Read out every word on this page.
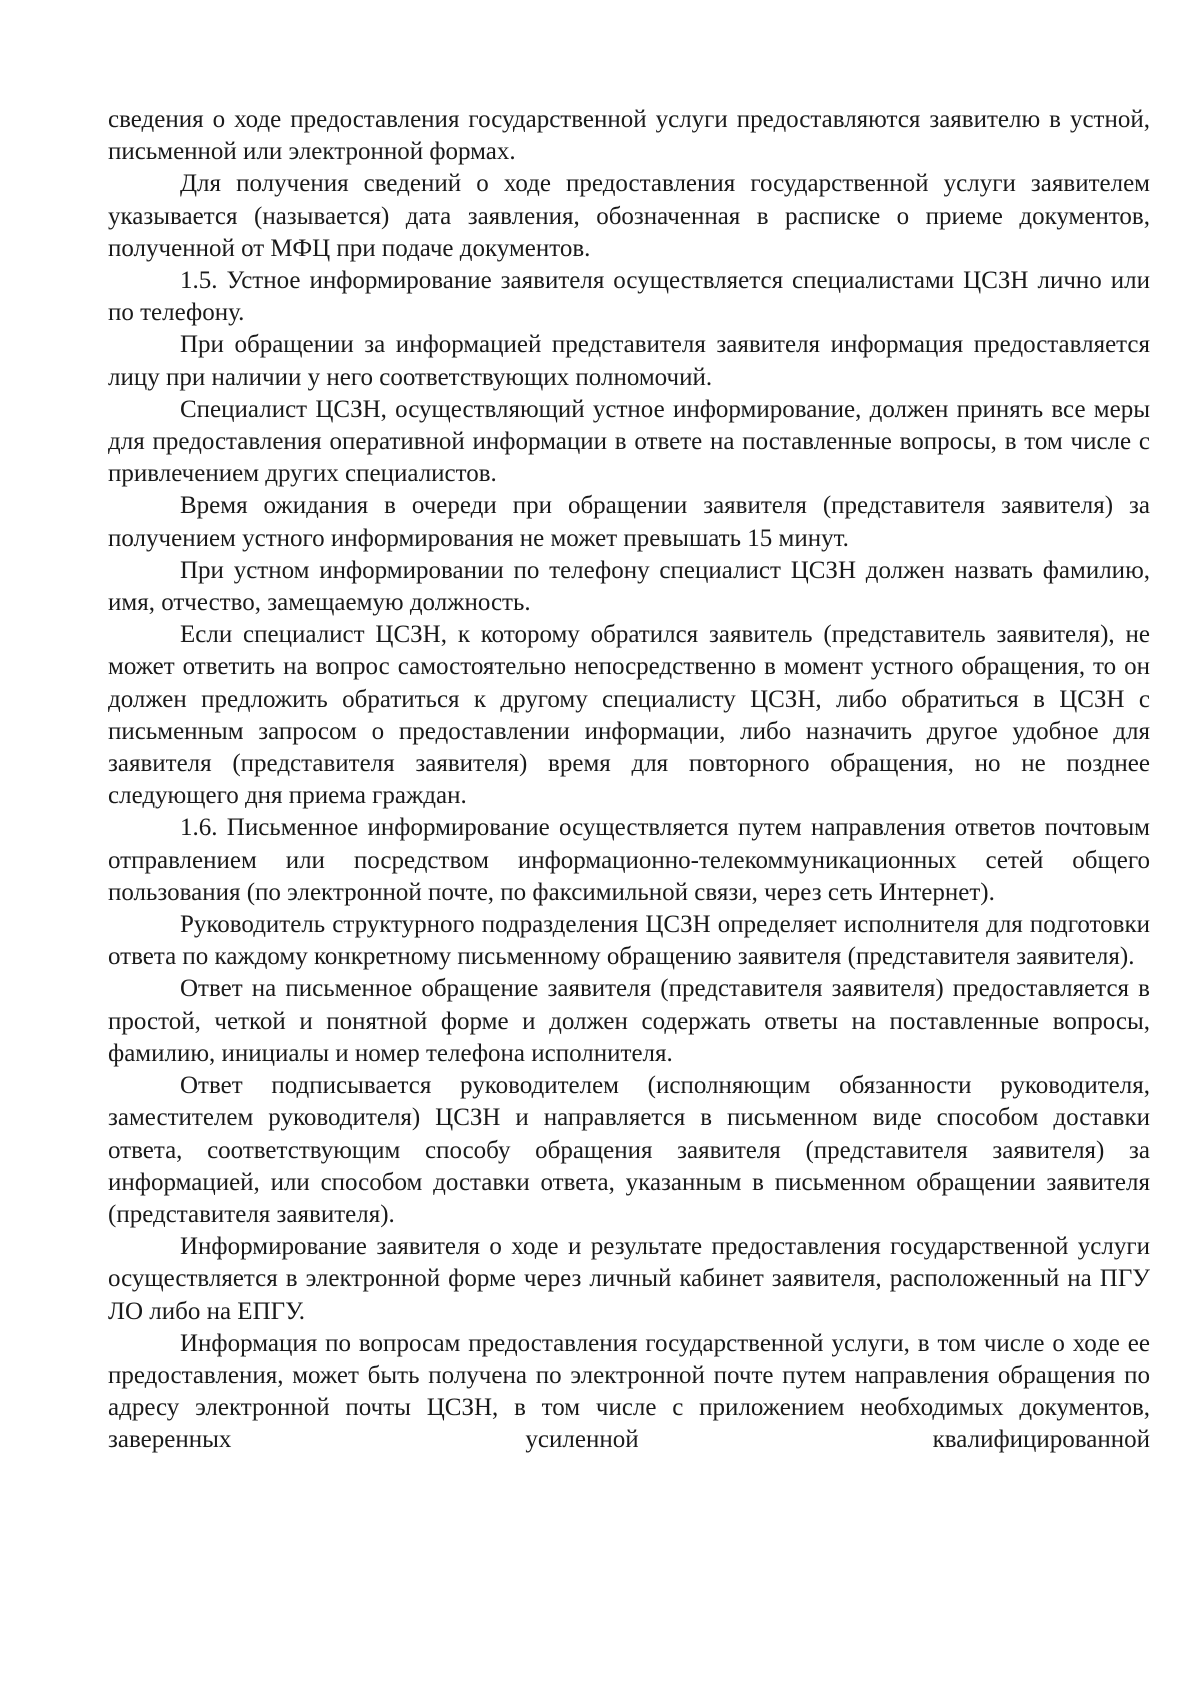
сведения о ходе предоставления государственной услуги предоставляются заявителю в устной, письменной или электронной формах.

Для получения сведений о ходе предоставления государственной услуги заявителем указывается (называется) дата заявления, обозначенная в расписке о приеме документов, полученной от МФЦ при подаче документов.

1.5. Устное информирование заявителя осуществляется специалистами ЦСЗН лично или по телефону.

При обращении за информацией представителя заявителя информация предоставляется лицу при наличии у него соответствующих полномочий.

Специалист ЦСЗН, осуществляющий устное информирование, должен принять все меры для предоставления оперативной информации в ответе на поставленные вопросы, в том числе с привлечением других специалистов.

Время ожидания в очереди при обращении заявителя (представителя заявителя) за получением устного информирования не может превышать 15 минут.

При устном информировании по телефону специалист ЦСЗН должен назвать фамилию, имя, отчество, замещаемую должность.

Если специалист ЦСЗН, к которому обратился заявитель (представитель заявителя), не может ответить на вопрос самостоятельно непосредственно в момент устного обращения, то он должен предложить обратиться к другому специалисту ЦСЗН, либо обратиться в ЦСЗН с письменным запросом о предоставлении информации, либо назначить другое удобное для заявителя (представителя заявителя) время для повторного обращения, но не позднее следующего дня приема граждан.

1.6. Письменное информирование осуществляется путем направления ответов почтовым отправлением или посредством информационно-телекоммуникационных сетей общего пользования (по электронной почте, по факсимильной связи, через сеть Интернет).

Руководитель структурного подразделения ЦСЗН определяет исполнителя для подготовки ответа по каждому конкретному письменному обращению заявителя (представителя заявителя).

Ответ на письменное обращение заявителя (представителя заявителя) предоставляется в простой, четкой и понятной форме и должен содержать ответы на поставленные вопросы, фамилию, инициалы и номер телефона исполнителя.

Ответ подписывается руководителем (исполняющим обязанности руководителя, заместителем руководителя) ЦСЗН и направляется в письменном виде способом доставки ответа, соответствующим способу обращения заявителя (представителя заявителя) за информацией, или способом доставки ответа, указанным в письменном обращении заявителя (представителя заявителя).

Информирование заявителя о ходе и результате предоставления государственной услуги осуществляется в электронной форме через личный кабинет заявителя, расположенный на ПГУ ЛО либо на ЕПГУ.

Информация по вопросам предоставления государственной услуги, в том числе о ходе ее предоставления, может быть получена по электронной почте путем направления обращения по адресу электронной почты ЦСЗН, в том числе с приложением необходимых документов, заверенных усиленной квалифицированной
